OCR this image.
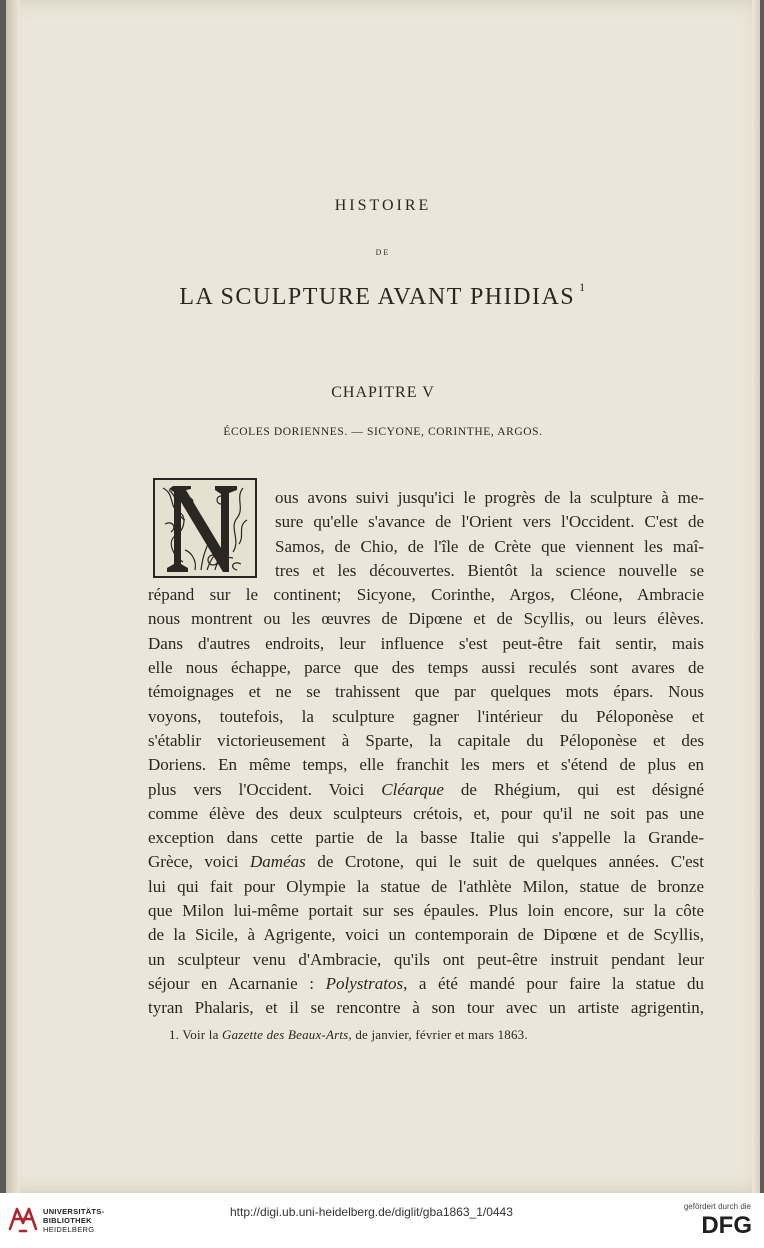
HISTOIRE
DE
LA SCULPTURE AVANT PHIDIAS $^1$
CHAPITRE V
ÉCOLES DORIENNES. — SICYONE, CORINTHE, ARGOS.
ous avons suivi jusqu'ici le progrès de la sculpture à me-
sure qu'elle s'avance de l'Orient vers l'Occident. C'est de
Samos, de Chio, de l'île de Crète que viennent les maî-
tres et les découvertes. Bientôt la science nouvelle se
répand sur le continent; Sicyone, Corinthe, Argos, Cléone, Ambracie
nous montrent ou les œuvres de Dipœne et de Scyllis, ou leurs élèves.
Dans d'autres endroits, leur influence s'est peut-être fait sentir, mais
elle nous échappe, parce que des temps aussi reculés sont avares de
témoignages et ne se trahissent que par quelques mots épars. Nous
voyons, toutefois, la sculpture gagner l'intérieur du Péloponèse et
s'établir victorieusement à Sparte, la capitale du Péloponèse et des
Doriens. En même temps, elle franchit les mers et s'étend de plus en
plus vers l'Occident. Voici Cléarque de Rhégium, qui est désigné
comme élève des deux sculpteurs crétois, et, pour qu'il ne soit pas une
exception dans cette partie de la basse Italie qui s'appelle la Grande-
Grèce, voici Daméas de Crotone, qui le suit de quelques années. C'est
lui qui fait pour Olympie la statue de l'athlète Milon, statue de bronze
que Milon lui-même portait sur ses épaules. Plus loin encore, sur la côte
de la Sicile, à Agrigente, voici un contemporain de Dipœne et de Scyllis,
un sculpteur venu d'Ambracie, qu'ils ont peut-être instruit pendant leur
séjour en Acarnanie : Polystratos, a été mandé pour faire la statue du
tyran Phalaris, et il se rencontre à son tour avec un artiste agrigentin,
1. Voir la Gazette des Beaux-Arts, de janvier, février et mars 1863.
UNIVERSITÄTS-
BIBLIOTHEK
HEIDELBERG
http://digi.ub.uni-heidelberg.de/diglit/gba1863_1/0443	gefördert durch die
DFG
